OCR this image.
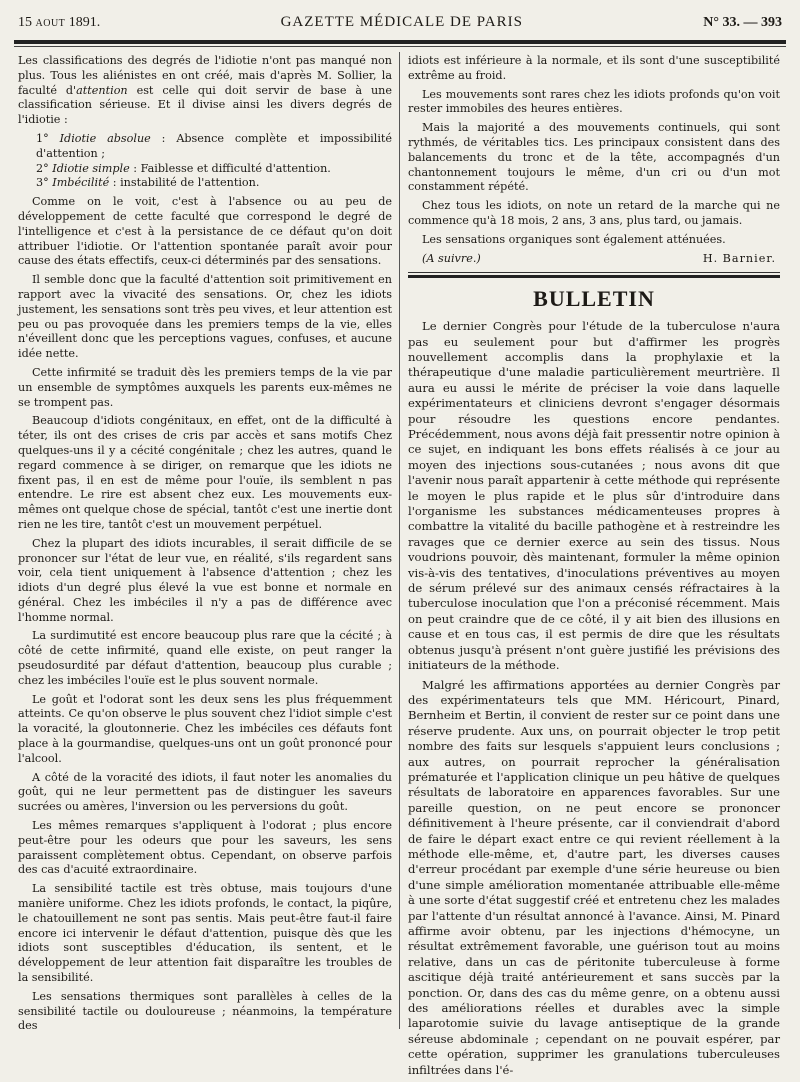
15 AOUT 1891.	GAZETTE MÉDICALE DE PARIS	N° 33. — 393

Les classifications des degrés de l'idiotie n'ont pas manqué non plus. Tous les aliénistes en ont créé, mais d'après M. Sollier, la faculté d'attention est celle qui doit servir de base à une classification sérieuse. Et il divise ainsi les divers degrés de l'idiotie :

1° Idiotie absolue : Absence complète et impossibilité d'attention ;

2° Idiotie simple : Faiblesse et difficulté d'attention.

3° Imbécilité : instabilité de l'attention.

Comme on le voit, c'est à l'absence ou au peu de développement de cette faculté que correspond le degré de l'intelligence et c'est à la persistance de ce défaut qu'on doit attribuer l'idiotie. Or l'attention spontanée paraît avoir pour cause des états effectifs, ceux-ci déterminés par des sensations.

Il semble donc que la faculté d'attention soit primitivement en rapport avec la vivacité des sensations. Or, chez les idiots justement, les sensations sont très peu vives, et leur attention est peu ou pas provoquée dans les premiers temps de la vie, elles n'éveillent donc que les perceptions vagues, confuses, et aucune idée nette.

Cette infirmité se traduit dès les premiers temps de la vie par un ensemble de symptômes auxquels les parents eux-mêmes ne se trompent pas.

Beaucoup d'idiots congénitaux, en effet, ont de la difficulté à téter, ils ont des crises de cris par accès et sans motifs Chez quelques-uns il y a cécité congénitale ; chez les autres, quand le regard commence à se diriger, on remarque que les idiots ne fixent pas, il en est de même pour l'ouïe, ils semblent n pas entendre. Le rire est absent chez eux. Les mouvements eux-mêmes ont quelque chose de spécial, tantôt c'est une inertie dont rien ne les tire, tantôt c'est un mouvement perpétuel.

Chez la plupart des idiots incurables, il serait difficile de se prononcer sur l'état de leur vue, en réalité, s'ils regardent sans voir, cela tient uniquement à l'absence d'attention ; chez les idiots d'un degré plus élevé la vue est bonne et normale en général. Chez les imbéciles il n'y a pas de différence avec l'homme normal.

La surdimutité est encore beaucoup plus rare que la cécité ; à côté de cette infirmité, quand elle existe, on peut ranger la pseudosurdité par défaut d'attention, beaucoup plus curable ; chez les imbéciles l'ouïe est le plus souvent normale.

Le goût et l'odorat sont les deux sens les plus fréquemment atteints. Ce qu'on observe le plus souvent chez l'idiot simple c'est la voracité, la gloutonnerie. Chez les imbéciles ces défauts font place à la gourmandise, quelques-uns ont un goût prononcé pour l'alcool.

A côté de la voracité des idiots, il faut noter les anomalies du goût, qui ne leur permettent pas de distinguer les saveurs sucrées ou amères, l'inversion ou les perversions du goût.

Les mêmes remarques s'appliquent à l'odorat ; plus encore peut-être pour les odeurs que pour les saveurs, les sens paraissent complètement obtus. Cependant, on observe parfois des cas d'acuité extraordinaire.

La sensibilité tactile est très obtuse, mais toujours d'une manière uniforme. Chez les idiots profonds, le contact, la piqûre, le chatouillement ne sont pas sentis. Mais peut-être faut-il faire encore ici intervenir le défaut d'attention, puisque dès que les idiots sont susceptibles d'éducation, ils sentent, et le développement de leur attention fait disparaître les troubles de la sensibilité.

Les sensations thermiques sont parallèles à celles de la sensibilité tactile ou douloureuse ; néanmoins, la température des

idiots est inférieure à la normale, et ils sont d'une susceptibilité extrême au froid.

Les mouvements sont rares chez les idiots profonds qu'on voit rester immobiles des heures entières.

Mais la majorité a des mouvements continuels, qui sont rythmés, de véritables tics. Les principaux consistent dans des balancements du tronc et de la tête, accompagnés d'un chantonnement toujours le même, d'un cri ou d'un mot constamment répété.

Chez tous les idiots, on note un retard de la marche qui ne commence qu'à 18 mois, 2 ans, 3 ans, plus tard, ou jamais.

Les sensations organiques sont également atténuées.

(A suivre.)	H. Barnier.
BULLETIN

Le dernier Congrès pour l'étude de la tuberculose n'aura pas eu seulement pour but d'affirmer les progrès nouvellement accomplis dans la prophylaxie et la thérapeutique d'une maladie particulièrement meurtrière. Il aura eu aussi le mérite de préciser la voie dans laquelle expérimentateurs et cliniciens devront s'engager désormais pour résoudre les questions encore pendantes. Précédemment, nous avons déjà fait pressentir notre opinion à ce sujet, en indiquant les bons effets réalisés à ce jour au moyen des injections sous-cutanées ; nous avons dit que l'avenir nous paraît appartenir à cette méthode qui représente le moyen le plus rapide et le plus sûr d'introduire dans l'organisme les substances médicamenteuses propres à combattre la vitalité du bacille pathogène et à restreindre les ravages que ce dernier exerce au sein des tissus. Nous voudrions pouvoir, dès maintenant, formuler la même opinion vis-à-vis des tentatives, d'inoculations préventives au moyen de sérum prélevé sur des animaux censés réfractaires à la tuberculose inoculation que l'on a préconisé récemment. Mais on peut craindre que de ce côté, il y ait bien des illusions en cause et en tous cas, il est permis de dire que les résultats obtenus jusqu'à présent n'ont guère justifié les prévisions des initiateurs de la méthode.

Malgré les affirmations apportées au dernier Congrès par des expérimentateurs tels que MM. Héricourt, Pinard, Bernheim et Bertin, il convient de rester sur ce point dans une réserve prudente. Aux uns, on pourrait objecter le trop petit nombre des faits sur lesquels s'appuient leurs conclusions ; aux autres, on pourrait reprocher la généralisation prématurée et l'application clinique un peu hâtive de quelques résultats de laboratoire en apparences favorables. Sur une pareille question, on ne peut encore se prononcer définitivement à l'heure présente, car il conviendrait d'abord de faire le départ exact entre ce qui revient réellement à la méthode elle-même, et, d'autre part, les diverses causes d'erreur procédant par exemple d'une série heureuse ou bien d'une simple amélioration momentanée attribuable elle-même à une sorte d'état suggestif créé et entretenu chez les malades par l'attente d'un résultat annoncé à l'avance. Ainsi, M. Pinard affirme avoir obtenu, par les injections d'hémocyne, un résultat extrêmement favorable, une guérison tout au moins relative, dans un cas de péritonite tuberculeuse à forme ascitique déjà traité antérieurement et sans succès par la ponction. Or, dans des cas du même genre, on a obtenu aussi des améliorations réelles et durables avec la simple laparotomie suivie du lavage antiseptique de la grande séreuse abdominale ; cependant on ne pouvait espérer, par cette opération, supprimer les granulations tuberculeuses infiltrées dans l'é-
